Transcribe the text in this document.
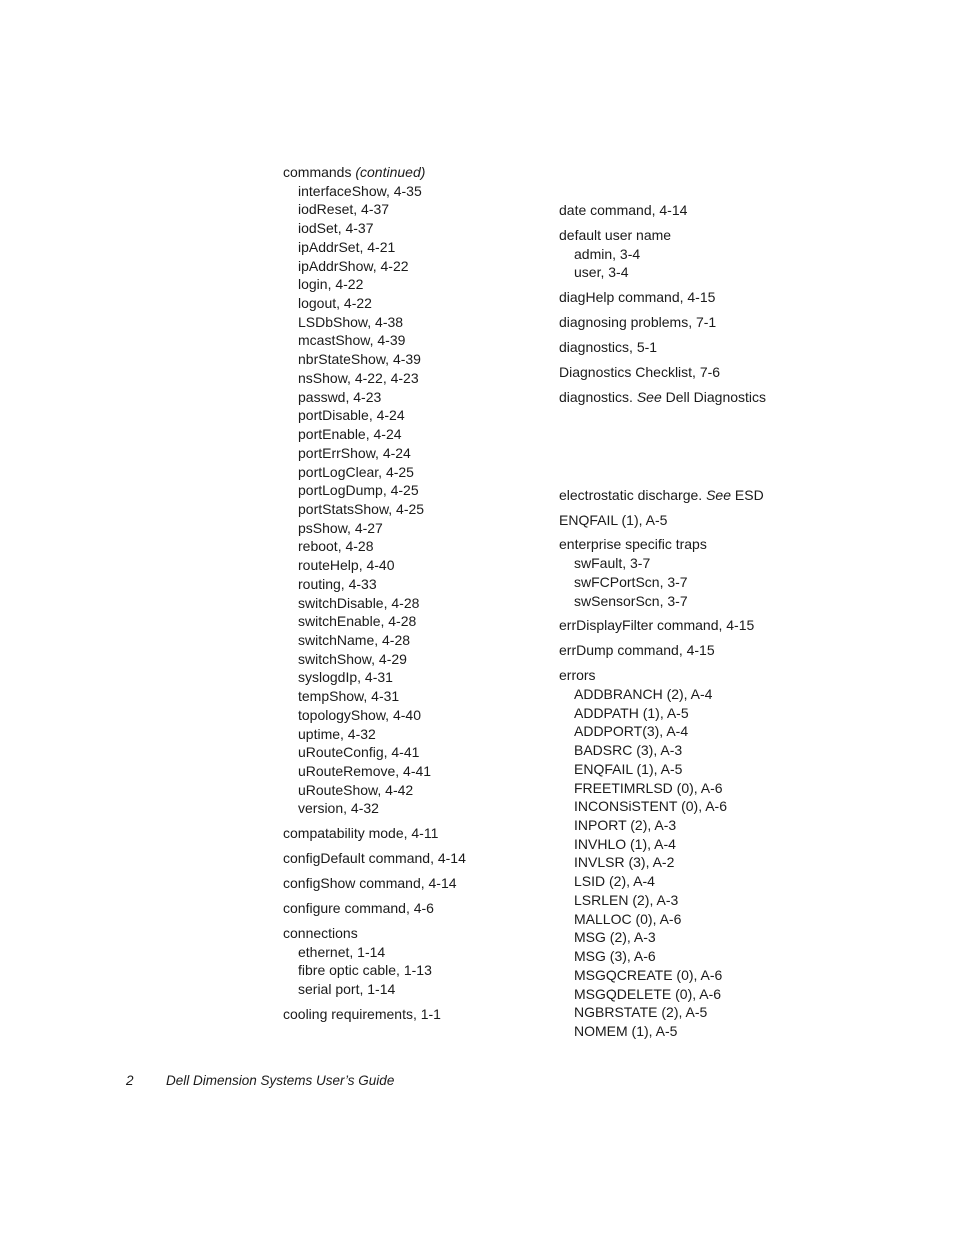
commands (continued)
interfaceShow, 4-35
iodReset, 4-37
iodSet, 4-37
ipAddrSet, 4-21
ipAddrShow, 4-22
login, 4-22
logout, 4-22
LSDbShow, 4-38
mcastShow, 4-39
nbrStateShow, 4-39
nsShow, 4-22, 4-23
passwd, 4-23
portDisable, 4-24
portEnable, 4-24
portErrShow, 4-24
portLogClear, 4-25
portLogDump, 4-25
portStatsShow, 4-25
psShow, 4-27
reboot, 4-28
routeHelp, 4-40
routing, 4-33
switchDisable, 4-28
switchEnable, 4-28
switchName, 4-28
switchShow, 4-29
syslogdIp, 4-31
tempShow, 4-31
topologyShow, 4-40
uptime, 4-32
uRouteConfig, 4-41
uRouteRemove, 4-41
uRouteShow, 4-42
version, 4-32
compatability mode, 4-11
configDefault command, 4-14
configShow command, 4-14
configure command, 4-6
connections
ethernet, 1-14
fibre optic cable, 1-13
serial port, 1-14
cooling requirements, 1-1
date command, 4-14
default user name
admin, 3-4
user, 3-4
diagHelp command, 4-15
diagnosing problems, 7-1
diagnostics, 5-1
Diagnostics Checklist, 7-6
diagnostics. See Dell Diagnostics
electrostatic discharge. See ESD
ENQFAIL (1), A-5
enterprise specific traps
swFault, 3-7
swFCPortScn, 3-7
swSensorScn, 3-7
errDisplayFilter command, 4-15
errDump command, 4-15
errors
ADDBRANCH (2), A-4
ADDPATH (1), A-5
ADDPORT(3), A-4
BADSRC (3), A-3
ENQFAIL (1), A-5
FREETIMRLSD (0), A-6
INCONSiSTENT (0), A-6
INPORT (2), A-3
INVHLO (1), A-4
INVLSR (3), A-2
LSID (2), A-4
LSRLEN (2), A-3
MALLOC (0), A-6
MSG (2), A-3
MSG (3), A-6
MSGQCREATE (0), A-6
MSGQDELETE (0), A-6
NGBRSTATE (2), A-5
NOMEM (1), A-5
2 Dell Dimension Systems User’s Guide
